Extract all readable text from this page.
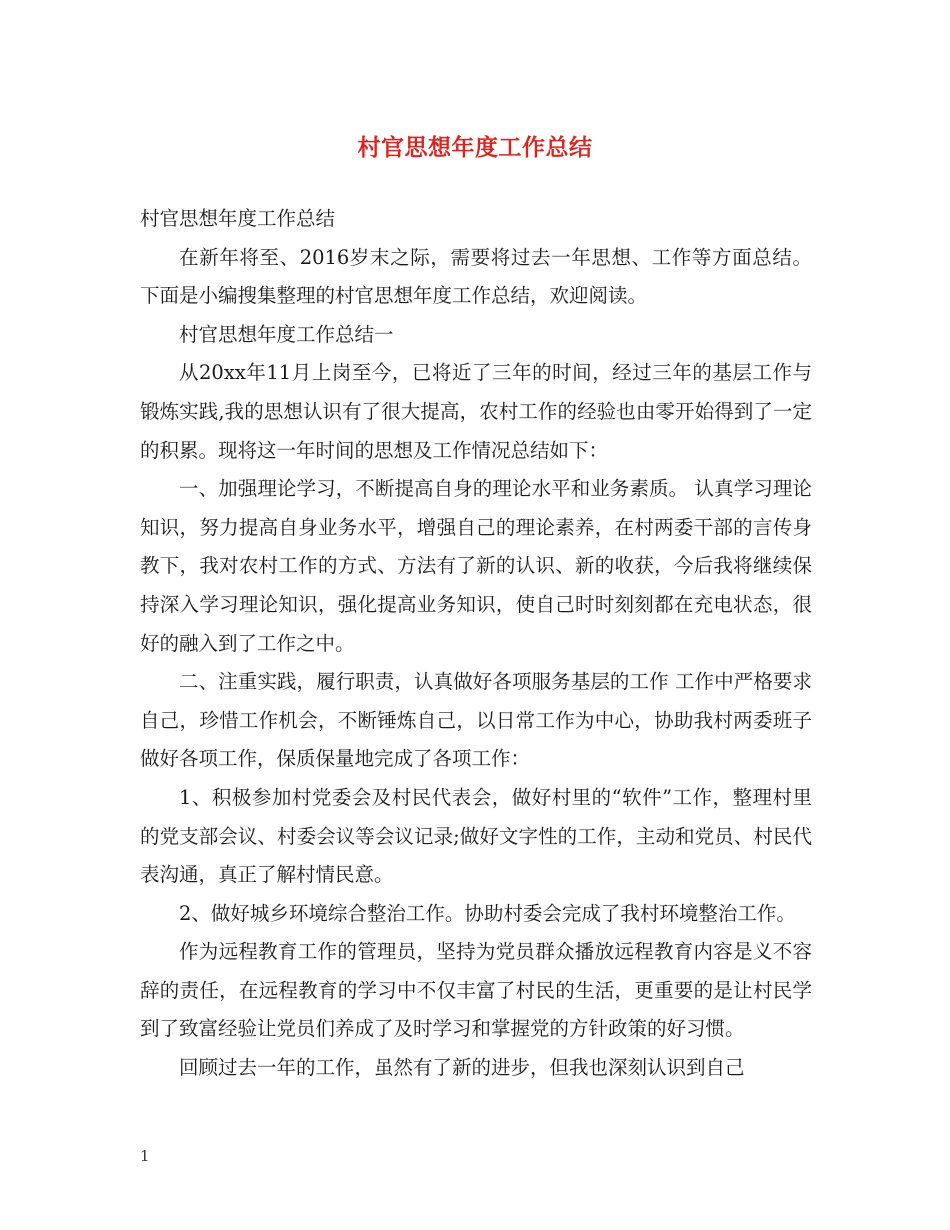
村官思想年度工作总结

村官思想年度工作总结

在新年将至、2016岁末之际，需要将过去一年思想、工作等方面总结。下面是小编搜集整理的村官思想年度工作总结，欢迎阅读。

村官思想年度工作总结一

从20xx年11月上岗至今，已将近了三年的时间，经过三年的基层工作与锻炼实践,我的思想认识有了很大提高，农村工作的经验也由零开始得到了一定的积累。现将这一年时间的思想及工作情况总结如下：

一、加强理论学习，不断提高自身的理论水平和业务素质。 认真学习理论知识，努力提高自身业务水平，增强自己的理论素养，在村两委干部的言传身教下，我对农村工作的方式、方法有了新的认识、新的收获，今后我将继续保持深入学习理论知识，强化提高业务知识，使自己时时刻刻都在充电状态，很好的融入到了工作之中。

二、注重实践，履行职责，认真做好各项服务基层的工作 工作中严格要求自己，珍惜工作机会，不断锤炼自己，以日常工作为中心，协助我村两委班子做好各项工作，保质保量地完成了各项工作：

1、积极参加村党委会及村民代表会，做好村里的“软件”工作，整理村里的党支部会议、村委会议等会议记录;做好文字性的工作，主动和党员、村民代表沟通，真正了解村情民意。

2、做好城乡环境综合整治工作。协助村委会完成了我村环境整治工作。

作为远程教育工作的管理员，坚持为党员群众播放远程教育内容是义不容辞的责任，在远程教育的学习中不仅丰富了村民的生活，更重要的是让村民学到了致富经验让党员们养成了及时学习和掌握党的方针政策的好习惯。

回顾过去一年的工作，虽然有了新的进步，但我也深刻认识到自己

1
